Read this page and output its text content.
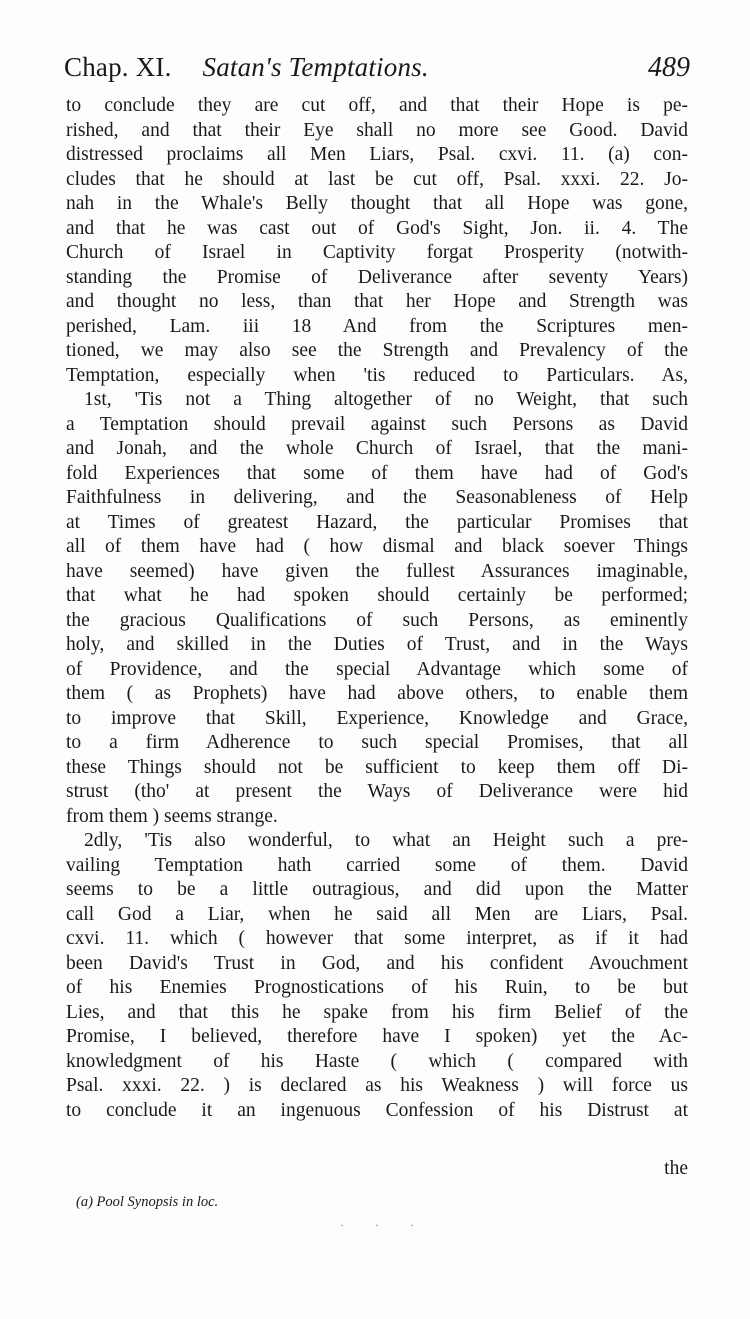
Chap. XI. Satan's Temptations.	489
to conclude they are cut off, and that their Hope is pe-
rished, and that their Eye shall no more see Good. David
distressed proclaims all Men Liars, Psal. cxvi. 11. (a) con-
cludes that he should at last be cut off, Psal. xxxi. 22. Jo-
nah in the Whale's Belly thought that all Hope was gone,
and that he was cast out of God's Sight, Jon. ii. 4. The
Church of Israel in Captivity forgat Prosperity (notwith-
standing the Promise of Deliverance after seventy Years)
and thought no less, than that her Hope and Strength was
perished, Lam. iii 18 And from the Scriptures men-
tioned, we may also see the Strength and Prevalency of the
Temptation, especially when 'tis reduced to Particulars. As,
1st, 'Tis not a Thing altogether of no Weight, that such
a Temptation should prevail against such Persons as David
and Jonah, and the whole Church of Israel, that the mani-
fold Experiences that some of them have had of God's
Faithfulness in delivering, and the Seasonableness of Help
at Times of greatest Hazard, the particular Promises that
all of them have had ( how dismal and black soever Things
have seemed) have given the fullest Assurances imaginable,
that what he had spoken should certainly be performed;
the gracious Qualifications of such Persons, as eminently
holy, and skilled in the Duties of Trust, and in the Ways
of Providence, and the special Advantage which some of
them ( as Prophets) have had above others, to enable them
to improve that Skill, Experience, Knowledge and Grace,
to a firm Adherence to such special Promises, that all
these Things should not be sufficient to keep them off Di-
strust (tho' at present the Ways of Deliverance were hid
from them ) seems strange.
2dly, 'Tis also wonderful, to what an Height such a pre-
vailing Temptation hath carried some of them. David
seems to be a little outragious, and did upon the Matter
call God a Liar, when he said all Men are Liars, Psal.
cxvi. 11. which ( however that some interpret, as if it had
been David's Trust in God, and his confident Avouchment
of his Enemies Prognostications of his Ruin, to be but
Lies, and that this he spake from his firm Belief of the
Promise, I believed, therefore have I spoken) yet the Ac-
knowledgment of his Haste ( which ( compared with
Psal. xxxi. 22. ) is declared as his Weakness ) will force us
to conclude it an ingenuous Confession of his Distrust at
the
(a) Pool Synopsis in loc.
· · ·
